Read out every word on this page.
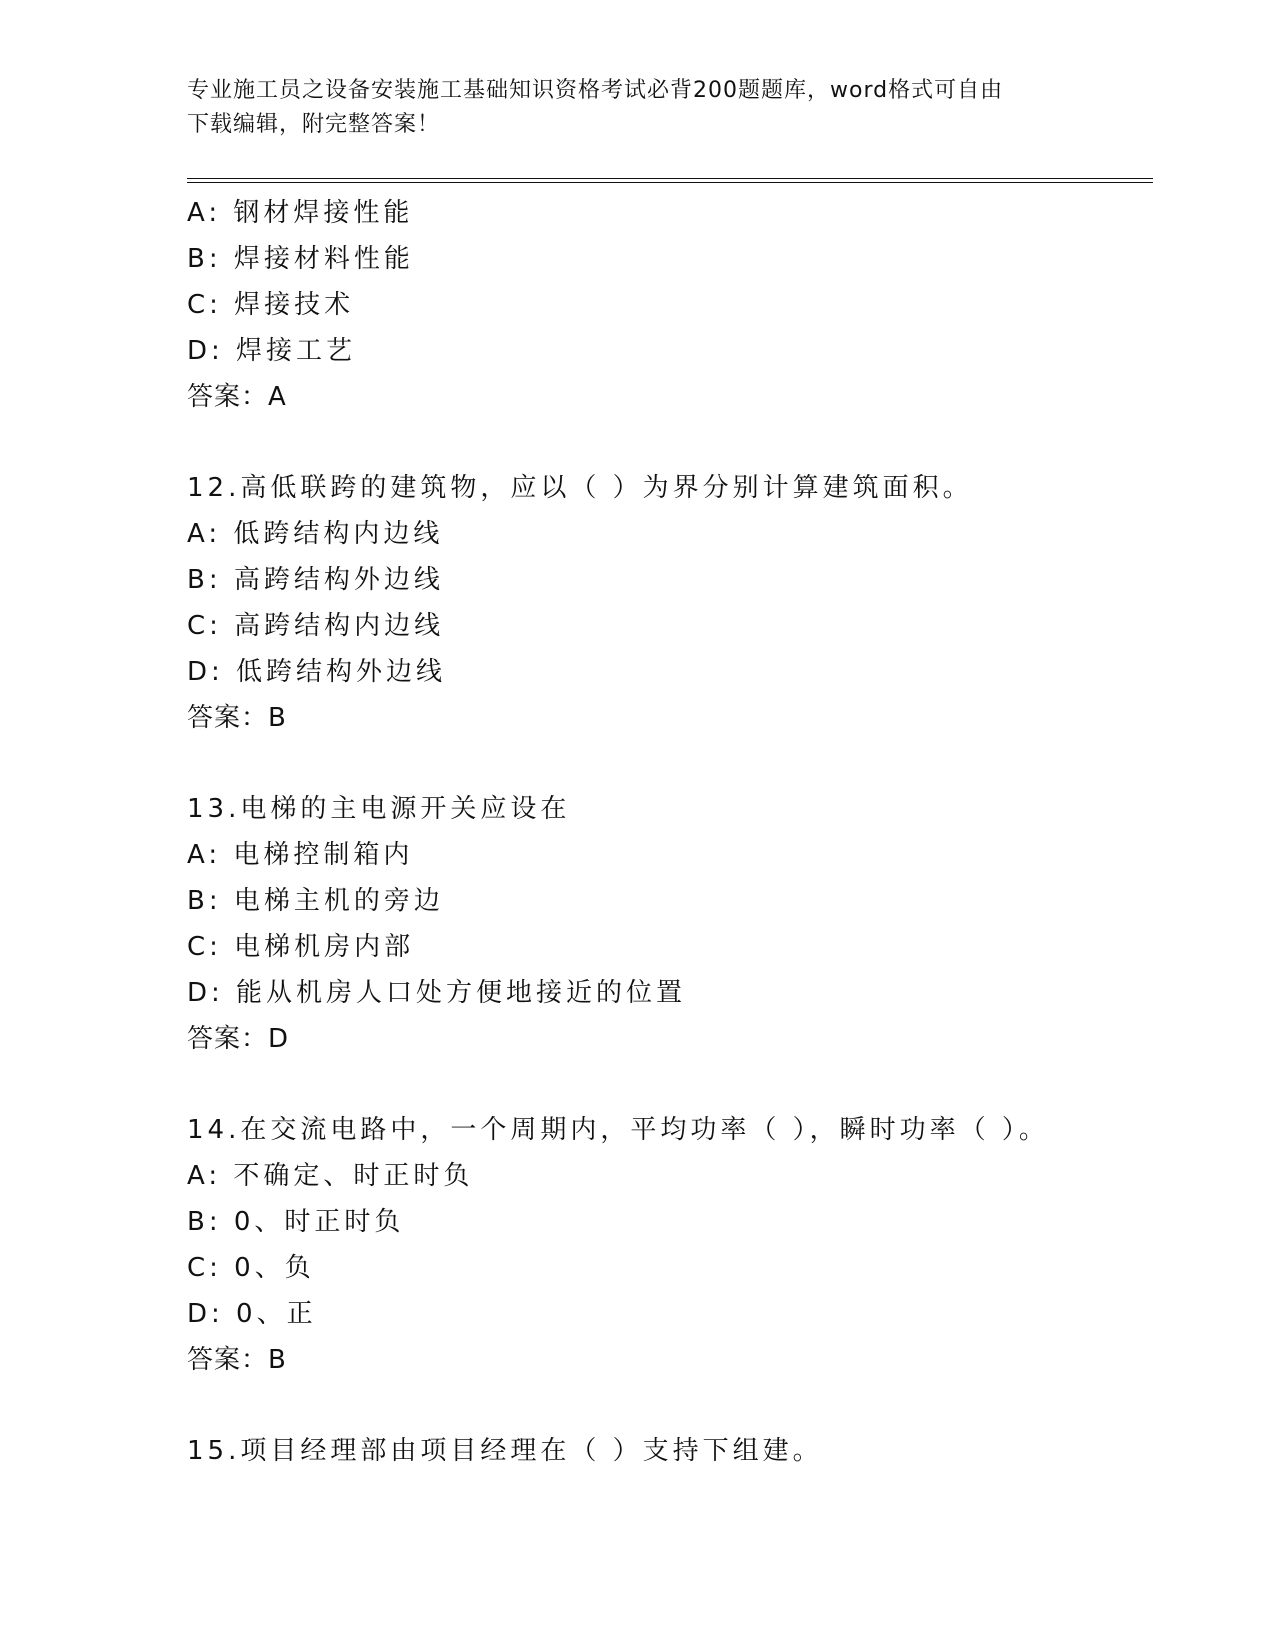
专业施工员之设备安装施工基础知识资格考试必背200题题库，word格式可自由
下载编辑，附完整答案！
A: 钢材焊接性能
B: 焊接材料性能
C: 焊接技术
D: 焊接工艺
答案：A
12.高低联跨的建筑物，应以（ ）为界分别计算建筑面积。
A: 低跨结构内边线
B: 高跨结构外边线
C: 高跨结构内边线
D: 低跨结构外边线
答案：B
13.电梯的主电源开关应设在
A: 电梯控制箱内
B: 电梯主机的旁边
C: 电梯机房内部
D: 能从机房人口处方便地接近的位置
答案：D
14.在交流电路中，一个周期内，平均功率（ ），瞬时功率（ ）。
A: 不确定、时正时负
B: 0、时正时负
C: 0、负
D: 0、正
答案：B
15.项目经理部由项目经理在（ ）支持下组建。
